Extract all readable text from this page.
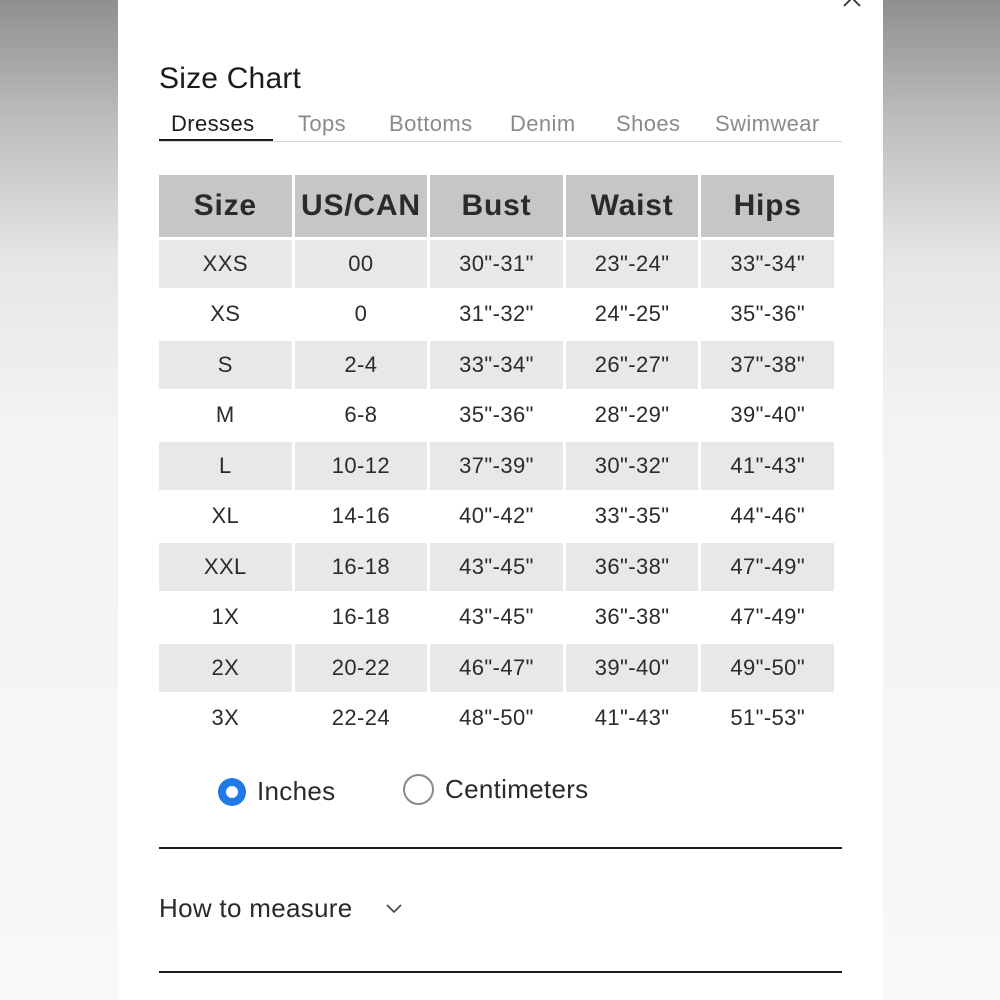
Size Chart
Dresses Tops Bottoms Denim Shoes Swimwear
Size	US/CAN	Bust	Waist	Hips
XXS	00	30"-31"	23"-24"	33"-34"
XS	0	31"-32"	24"-25"	35"-36"
S	2-4	33"-34"	26"-27"	37"-38"
M	6-8	35"-36"	28"-29"	39"-40"
L	10-12	37"-39"	30"-32"	41"-43"
XL	14-16	40"-42"	33"-35"	44"-46"
XXL	16-18	43"-45"	36"-38"	47"-49"
1X	16-18	43"-45"	36"-38"	47"-49"
2X	20-22	46"-47"	39"-40"	49"-50"
3X	22-24	48"-50"	41"-43"	51"-53"
Inches	Centimeters
How to measure
